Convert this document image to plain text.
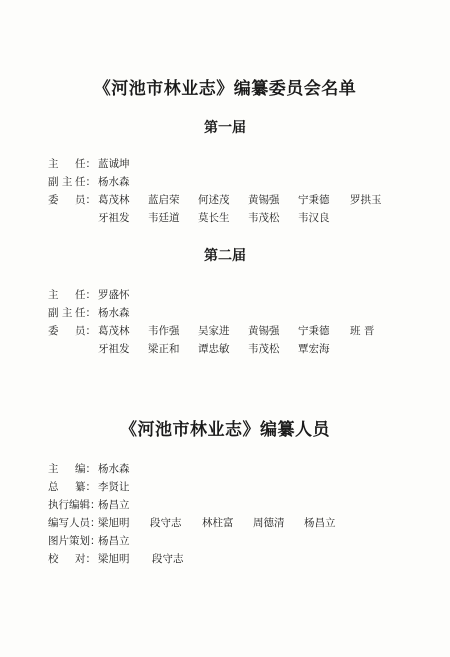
《河池市林业志》编纂委员会名单
第一届
主 任： 蓝诚坤
副 主 任： 杨水森
委 员： 葛茂林 蓝启荣 何述茂 黄锡强 宁秉德 罗拱玉
牙祖发 韦廷道 莫长生 韦茂松 韦汉良
第二届
主 任： 罗盛怀
副 主 任： 杨水森
委 员： 葛茂林 韦作强 吴家进 黄锡强 宁秉德 班 晋
牙祖发 梁正和 谭忠敏 韦茂松 覃宏海
《河池市林业志》编纂人员
主 编： 杨水森
总 纂： 李贤让
执行编辑：
杨昌立
编写人员：
梁旭明 段守志 林柱富 周德清 杨昌立
图片策划：
杨昌立
校 对： 梁旭明 段守志
